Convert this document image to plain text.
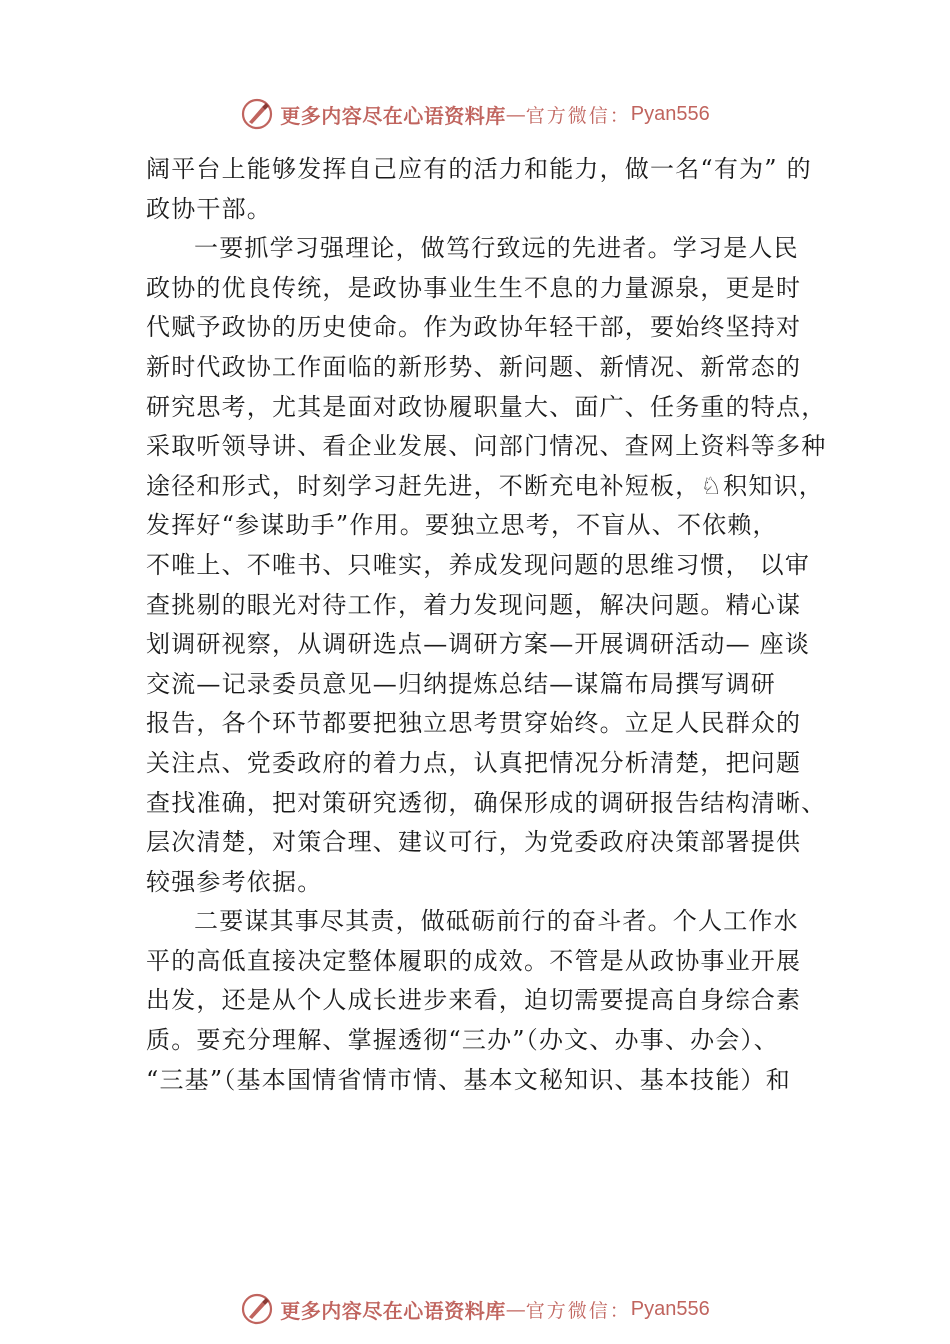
更多内容尽在心语资料库 — 官方微信： Pyan556
阔平台上能够发挥自己应有的活力和能力，做一名“有为” 的
政协干部。
一要抓学习强理论，做笃行致远的先进者。学习是人民
政协的优良传统，是政协事业生生不息的力量源泉，更是时
代赋予政协的历史使命。作为政协年轻干部，要始终坚持对
新时代政协工作面临的新形势、新问题、新情况、新常态的
研究思考，尤其是面对政协履职量大、面广、任务重的特点，
采取听领导讲、看企业发展、问部门情况、查网上资料等多种
途径和形式，时刻学习赶先进，不断充电补短板，♘积知识，
发挥好“参谋助手”作用。要独立思考，不盲从、不依赖，
不唯上、不唯书、只唯实，养成发现问题的思维习惯， 以审
查挑剔的眼光对待工作，着力发现问题，解决问题。精心谋
划调研视察，从调研选点—调研方案—开展调研活动— 座谈
交流—记录委员意见—归纳提炼总结—谋篇布局撰写调研
报告，各个环节都要把独立思考贯穿始终。立足人民群众的
关注点、党委政府的着力点，认真把情况分析清楚，把问题
查找准确，把对策研究透彻，确保形成的调研报告结构清晰、
层次清楚，对策合理、建议可行，为党委政府决策部署提供
较强参考依据。
二要谋其事尽其责，做砥砺前行的奋斗者。个人工作水
平的高低直接决定整体履职的成效。不管是从政协事业开展
出发，还是从个人成长进步来看，迫切需要提高自身综合素
质。要充分理解、掌握透彻“三办”（办文、办事、办会）、
“三基”（基本国情省情市情、基本文秘知识、基本技能）和
更多内容尽在心语资料库 — 官方微信： Pyan556
